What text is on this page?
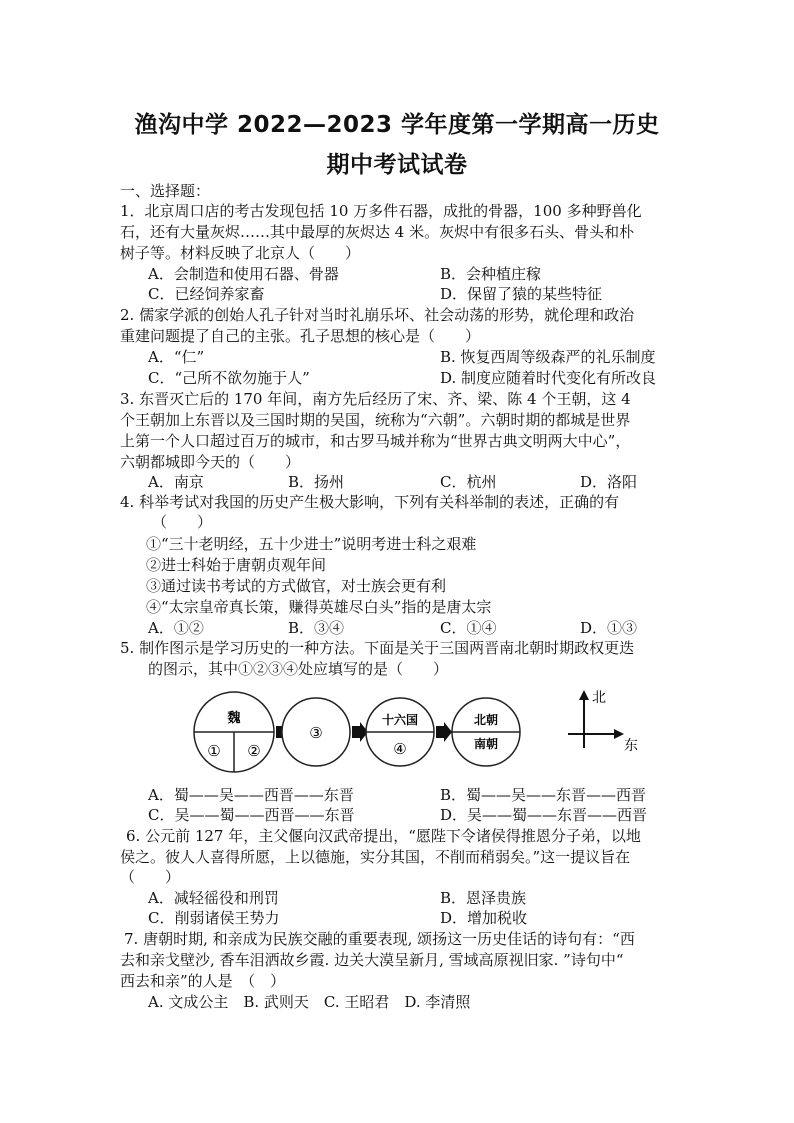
渔沟中学 2022—2023 学年度第一学期高一历史
期中考试试卷
一、选择题：
1．北京周口店的考古发现包括 10 万多件石器，成批的骨器，100 多种野兽化
石，还有大量灰烬……其中最厚的灰烬达 4 米。灰烬中有很多石头、骨头和朴
树子等。材料反映了北京人（　　）
A．会制造和使用石器、骨器	B．会种植庄稼
C．已经饲养家畜	D．保留了猿的某些特征
2. 儒家学派的创始人孔子针对当时礼崩乐坏、社会动荡的形势，就伦理和政治
重建问题提了自己的主张。孔子思想的核心是（　　）
A．“仁”	B. 恢复西周等级森严的礼乐制度
C．“己所不欲勿施于人”	D. 制度应随着时代变化有所改良
3. 东晋灭亡后的 170 年间，南方先后经历了宋、齐、梁、陈 4 个王朝，这 4
个王朝加上东晋以及三国时期的吴国，统称为“六朝”。六朝时期的都城是世界
上第一个人口超过百万的城市，和古罗马城并称为“世界古典文明两大中心”，
六朝都城即今天的（　　）
A．南京	B．扬州	C．杭州	D．洛阳
4. 科举考试对我国的历史产生极大影响，下列有关科举制的表述，正确的有
（　　）
①“三十老明经，五十少进士”说明考进士科之艰难
②进士科始于唐朝贞观年间
③通过读书考试的方式做官，对士族会更有利
④“太宗皇帝真长策，赚得英雄尽白头”指的是唐太宗
A．①②	B．③④	C．①④	D．①③
5. 制作图示是学习历史的一种方法。下面是关于三国两晋南北朝时期政权更迭
的图示，其中①②③④处应填写的是（　　）
魏
① ②
③
十六国
④
北朝
南朝
北
东
A．蜀——吴——西晋——东晋	B．蜀——吴——东晋——西晋
C．吴——蜀——西晋——东晋	D．吴——蜀——东晋——西晋
6. 公元前 127 年，主父偃向汉武帝提出，“愿陛下令诸侯得推恩分子弟，以地
侯之。彼人人喜得所愿，上以德施，实分其国，不削而稍弱矣。”这一提议旨在
（　　）
A．减轻徭役和刑罚	B．恩泽贵族
C．削弱诸侯王势力	D．增加税收
7. 唐朝时期, 和亲成为民族交融的重要表现, 颂扬这一历史佳话的诗句有：“西
去和亲戈壁沙, 香车泪洒故乡霞. 边关大漠呈新月, 雪域高原视旧家. ”诗句中“
西去和亲”的人是　（　）
A. 文成公主　B. 武则天　C. 王昭君　D. 李清照
